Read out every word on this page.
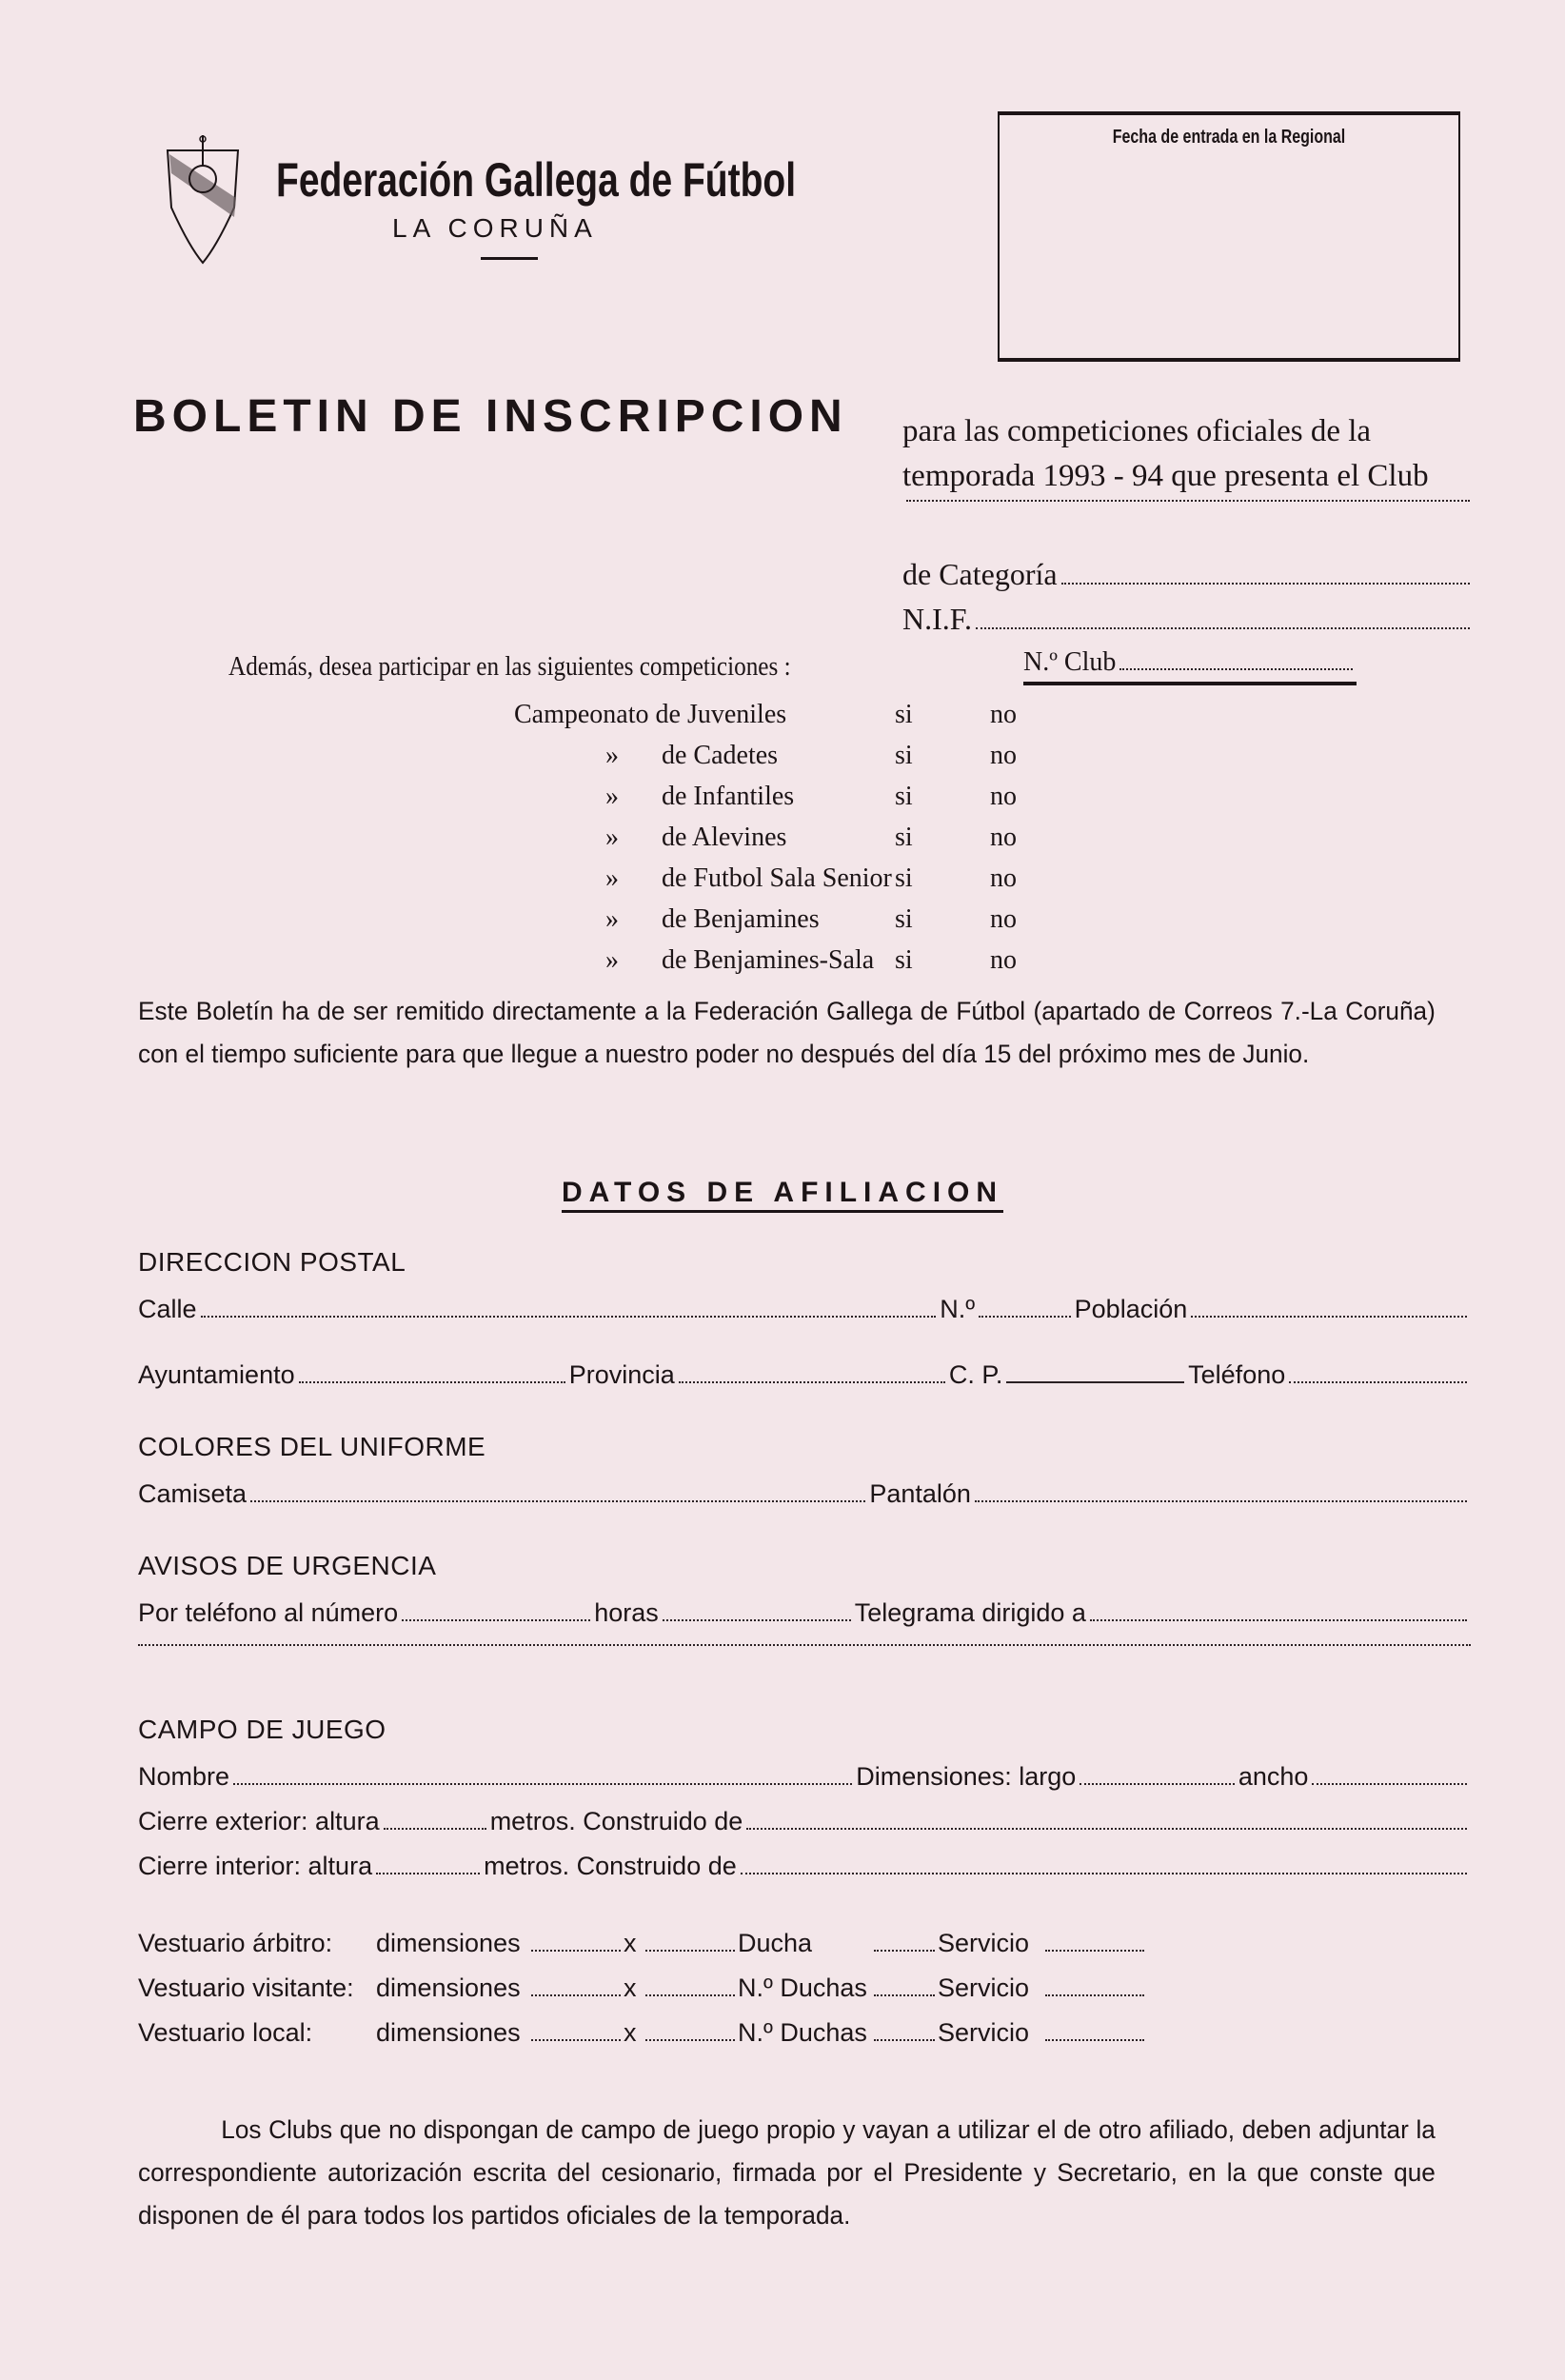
Federación Gallega de Fútbol
LA CORUÑA
Fecha de entrada en la Regional
BOLETIN DE INSCRIPCION para las competiciones oficiales de la temporada 1993 - 94 que presenta el Club
de Categoría
N.I.F.
Además, desea participar en las siguientes competiciones :	N.º Club
Campeonato de Juveniles	si	no
» de Cadetes	si	no
» de Infantiles	si	no
» de Alevines	si	no
» de Futbol Sala Senior si	no
» de Benjamines	si	no
» de Benjamines-Sala si	no
Este Boletín ha de ser remitido directamente a la Federación Gallega de Fútbol (apartado de Correos 7.-La Coruña) con el tiempo suficiente para que llegue a nuestro poder no después del día 15 del próximo mes de Junio.
DATOS DE AFILIACION
DIRECCION POSTAL
Calle	N.º	Población
Ayuntamiento	Provincia	C. P.	Teléfono
COLORES DEL UNIFORME
Camiseta	Pantalón
AVISOS DE URGENCIA
Por teléfono al número	horas	Telegrama dirigido a
CAMPO DE JUEGO
Nombre	Dimensiones: largo	ancho
Cierre exterior: altura	metros. Construido de
Cierre interior: altura	metros. Construido de
Vestuario árbitro:	dimensiones	x	Ducha	Servicio
Vestuario visitante: dimensiones	x	N.º Duchas	Servicio
Vestuario local:	dimensiones	x	N.º Duchas	Servicio
Los Clubs que no dispongan de campo de juego propio y vayan a utilizar el de otro afiliado, deben adjuntar la correspondiente autorización escrita del cesionario, firmada por el Presidente y Secretario, en la que conste que disponen de él para todos los partidos oficiales de la temporada.
